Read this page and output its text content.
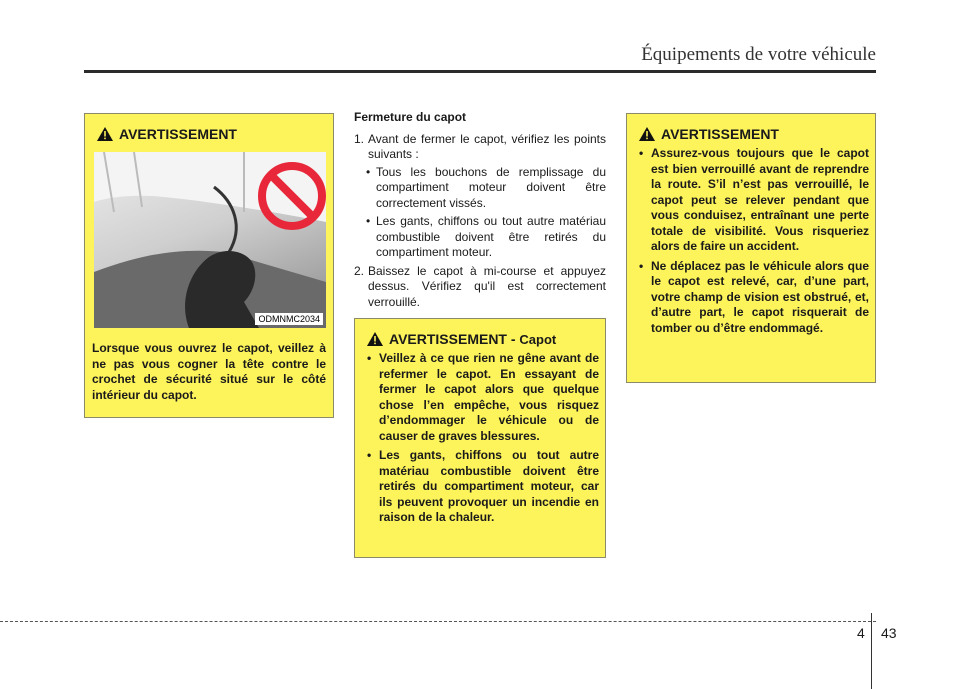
Équipements de votre véhicule
AVERTISSEMENT
ODMNMC2034
Lorsque vous ouvrez le capot, veillez à ne pas vous cogner la tête contre le crochet de sécurité situé sur le côté intérieur du capot.
Fermeture du capot
1. Avant de fermer le capot, vérifiez les points suivants :
• Tous les bouchons de remplissage du compartiment moteur doivent être correctement vissés.
• Les gants, chiffons ou tout autre matériau combustible doivent être retirés du compartiment moteur.
2. Baissez le capot à mi-course et appuyez dessus. Vérifiez qu'il est correctement verrouillé.
AVERTISSEMENT - Capot
• Veillez à ce que rien ne gêne avant de refermer le capot. En essayant de fermer le capot alors que quelque chose l’en empêche, vous risquez d’endommager le véhicule ou de causer de graves blessures.
• Les gants, chiffons ou tout autre matériau combustible doivent être retirés du compartiment moteur, car ils peuvent provoquer un incendie en raison de la chaleur.
AVERTISSEMENT
• Assurez-vous toujours que le capot est bien verrouillé avant de reprendre la route. S’il n’est pas verrouillé, le capot peut se relever pendant que vous conduisez, entraînant une perte totale de visibilité. Vous risqueriez alors de faire un accident.
• Ne déplacez pas le véhicule alors que le capot est relevé, car, d’une part, votre champ de vision est obstrué, et, d’autre part, le capot risquerait de tomber ou d’être endommagé.
4 43
